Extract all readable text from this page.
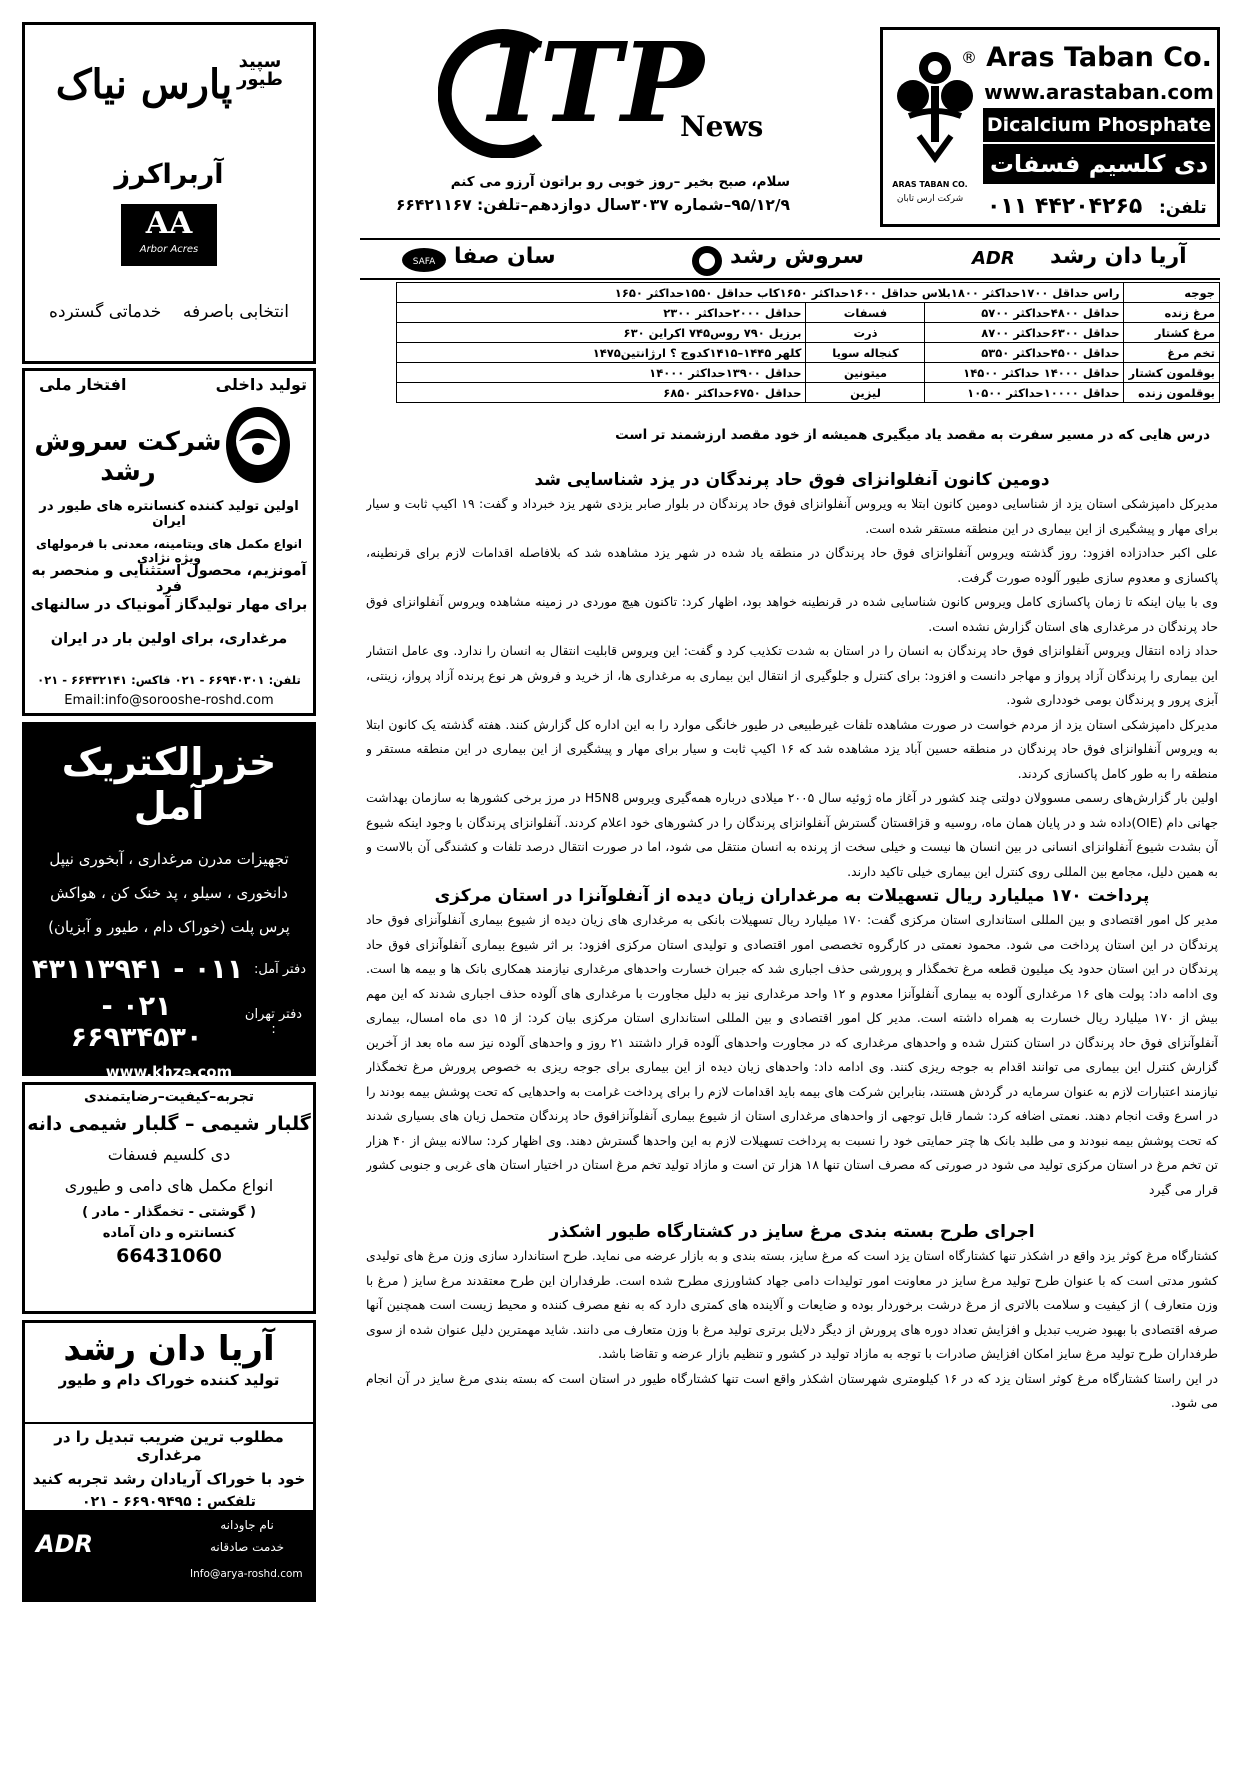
سپید طیور
پارس نیاک
آربراکرز
AA
Arbor Acres
انتخابی باصرفه    خدماتی گسترده
تولید داخلی
افتخار ملی
شرکت سروش رشد
اولین تولید کننده کنسانتره های طیور در ایران
انواع مکمل های ویتامینه، معدنی با فرمولهای ویژه نژادی
آمونزیم، محصول استثنایی و منحصر به فرد
برای مهار تولیدگاز آمونیاک در سالنهای
مرغداری، برای اولین بار در ایران
تلفن: ۶۶۹۴۰۳۰۱ - ۰۲۱ فاکس: ۶۶۴۳۲۱۴۱ - ۰۲۱
Email:info@sorooshe-roshd.com
خزرالکتریک آمل
تجهیزات مدرن مرغداری ، آبخوری نیپل
دانخوری ، سیلو ، پد خنک کن ، هواکش
پرس پلت (خوراک دام ، طیور و آبزیان)
دفتر آمل:
۰۱۱ - ۴۳۱۱۳۹۴۱
دفتر تهران :
۰۲۱ - ۶۶۹۳۴۵۳۰
www.khze.com
تجربه–کیفیت–رضایتمندی
گلبار شیمی – گلبار شیمی دانه
دی کلسیم فسفات
انواع مکمل های دامی و طیوری
( گوشتی - تخمگذار - مادر )
کنسانتره و دان آماده
66431060
آریا دان رشد
تولید کننده خوراک دام و طیور
مطلوب ترین ضریب تبدیل را در مرغداری
خود با خوراک آریادان رشد تجربه کنید
تلفکس : ۶۶۹۰۹۴۹۵ - ۰۲۱
ADR
نام جاودانه
خدمت صادقانه
Info@arya-roshd.com
ITP
News
سلام، صبح بخیر –روز خوبی رو براتون آرزو می کنم
۹۵/۱۲/۹–شماره ۳۰۳۷سال دوازدهم–تلفن: ۶۶۴۲۱۱۶۷
®
ARAS TABAN CO.
شرکت ارس تابان
Aras Taban Co.
www.arastaban.com
Dicalcium Phosphate
دی کلسیم فسفات
۰۱۱ ۴۴۲۰۴۲۶۵ تلفن:
SAFA سان صفا	سروش رشد	ADR آریا دان رشد
جوجه	راس حداقل ۱۷۰۰حداکثر ۱۸۰۰بلاس حداقل ۱۶۰۰حداکثر ۱۶۵۰کاب حداقل ۱۵۵۰حداکثر ۱۶۵۰		
مرغ زنده	حداقل ۴۸۰۰حداکثر ۵۷۰۰	فسفات	حداقل ۲۰۰۰حداکثر ۲۳۰۰
مرغ کشتار	حداقل ۶۳۰۰حداکثر ۸۷۰۰	ذرت	برزیل ۷۹۰ روس۷۴۵ اکراین ۶۳۰
تخم مرغ	حداقل ۴۵۰۰حداکثر ۵۳۵۰	کنجاله سویا	کلهر ۱۴۴۵–۱۴۱۵کدوج ؟ ارژانتین۱۴۷۵
بوقلمون کشتار	حداقل ۱۴۰۰۰ حداکثر ۱۴۵۰۰	میتونین	حداقل ۱۳۹۰۰حداکثر ۱۴۰۰۰
بوقلمون زنده	حداقل ۱۰۰۰۰حداکثر ۱۰۵۰۰	لیزین	حداقل ۶۷۵۰حداکثر ۶۸۵۰
درس هایی که در مسیر سفرت به مقصد یاد میگیری همیشه از خود مقصد ارزشمند تر است
دومین کانون آنفلوانزای فوق حاد پرندگان در یزد شناسایی شد

مدیرکل دامپزشکی استان یزد از شناسایی دومین کانون ابتلا به ویروس آنفلوانزای فوق حاد پرندگان در بلوار صابر یزدی شهر یزد خبرداد و گفت: ۱۹ اکیپ ثابت و سیار برای مهار و پیشگیری از این بیماری در این منطقه مستقر شده است.

علی اکبر حدادزاده افزود: روز گذشته ویروس آنفلوانزای فوق حاد پرندگان در منطقه یاد شده در شهر یزد مشاهده شد که بلافاصله اقدامات لازم برای قرنطینه، پاکسازی و معدوم سازی طیور آلوده صورت گرفت.

وی با بیان اینکه تا زمان پاکسازی کامل ویروس کانون شناسایی شده در قرنطینه خواهد بود، اظهار کرد: تاکنون هیچ موردی در زمینه مشاهده ویروس آنفلوانزای فوق حاد پرندگان در مرغداری های استان گزارش نشده است.

حداد زاده انتقال ویروس آنفلوانزای فوق حاد پرندگان به انسان را در استان به شدت تکذیب کرد و گفت: این ویروس قابلیت انتقال به انسان را ندارد. وی عامل انتشار این بیماری را پرندگان آزاد پرواز و مهاجر دانست و افزود: برای کنترل و جلوگیری از انتقال این بیماری به مرغداری ها، از خرید و فروش هر نوع پرنده آزاد پرواز، زینتی، آبزی پرور و پرندگان بومی خودداری شود.

مدیرکل دامپزشکی استان یزد از مردم خواست در صورت مشاهده تلفات غیرطبیعی در طیور خانگی موارد را به این اداره کل گزارش کنند. هفته گذشته یک کانون ابتلا به ویروس آنفلوانزای فوق حاد پرندگان در منطقه حسین آباد یزد مشاهده شد که ۱۶ اکیپ ثابت و سیار برای مهار و پیشگیری از این بیماری در این منطقه مستقر و منطقه را به طور کامل پاکسازی کردند.

اولین بار گزارش‌های رسمی مسوولان دولتی چند کشور در آغاز ماه ژوئیه سال ۲۰۰۵ میلادی درباره همه‌گیری ویروس H5N8 در مرز برخی کشورها به سازمان بهداشت جهانی دام (OIE)داده شد و در پایان همان ماه، روسیه و قزاقستان گسترش آنفلوانزای پرندگان را در کشورهای خود اعلام کردند. آنفلوانزای پرندگان با وجود اینکه شیوع آن بشدت شیوع آنفلوانزای انسانی در بین انسان ها نیست و خیلی سخت از پرنده به انسان منتقل می شود، اما در صورت انتقال درصد تلفات و کشندگی آن بالاست و به همین دلیل، مجامع بین المللی روی کنترل این بیماری خیلی تاکید دارند.

پرداخت ۱۷۰ میلیارد ریال تسهیلات به مرغداران زیان دیده از آنفلوآنزا در استان مرکزی

مدیر کل امور اقتصادی و بین المللی استانداری استان مرکزی گفت: ۱۷۰ میلیارد ریال تسهیلات بانکی به مرغداری های زیان دیده از شیوع بیماری آنفلوآنزای فوق حاد پرندگان در این استان پرداخت می شود. محمود نعمتی در کارگروه تخصصی امور اقتصادی و تولیدی استان مرکزی افزود: بر اثر شیوع بیماری آنفلوآنزای فوق حاد پرندگان در این استان حدود یک میلیون قطعه مرغ تخمگذار و پرورشی حذف اجباری شد که جبران خسارت واحدهای مرغداری نیازمند همکاری بانک ها و بیمه ها است. وی ادامه داد: پولت های ۱۶ مرغداری آلوده به بیماری آنفلوآنزا معدوم و ۱۲ واحد مرغداری نیز به دلیل مجاورت با مرغداری های آلوده حذف اجباری شدند که این مهم بیش از ۱۷۰ میلیارد ریال خسارت به همراه داشته است. مدیر کل امور اقتصادی و بین المللی استانداری استان مرکزی بیان کرد: از ۱۵ دی ماه امسال، بیماری آنفلوآنزای فوق حاد پرندگان در استان کنترل شده و واحدهای مرغداری که در مجاورت واحدهای آلوده قرار داشتند ۲۱ روز و واحدهای آلوده نیز سه ماه بعد از آخرین گزارش کنترل این بیماری می توانند اقدام به جوجه ریزی کنند. وی ادامه داد: واحدهای زیان دیده از این بیماری برای جوجه ریزی به خصوص پرورش مرغ تخمگذار نیازمند اعتبارات لازم به عنوان سرمایه در گردش هستند، بنابراین شرکت های بیمه باید اقدامات لازم را برای پرداخت غرامت به واحدهایی که تحت پوشش بیمه بودند را در اسرع وقت انجام دهند. نعمتی اضافه کرد: شمار قابل توجهی از واحدهای مرغداری استان از شیوع بیماری آنفلوآنزافوق حاد پرندگان متحمل زیان های بسیاری شدند که تحت پوشش بیمه نبودند و می طلبد بانک ها چتر حمایتی خود را نسبت به پرداخت تسهیلات لازم به این واحدها گسترش دهند. وی اظهار کرد: سالانه بیش از ۴۰ هزار تن تخم مرغ در استان مرکزی تولید می شود در صورتی که مصرف استان تنها ۱۸ هزار تن است و مازاد تولید تخم مرغ استان در اختیار استان های غربی و جنوبی کشور قرار می گیرد

اجرای طرح بسته بندی مرغ سایز در کشتارگاه طیور اشکذر

کشتارگاه مرغ کوثر یزد واقع در اشکذر تنها کشتارگاه استان یزد است که مرغ سایز، بسته بندی و به بازار عرضه می نماید. طرح استاندارد سازی وزن مرغ های تولیدی کشور مدتی است که با عنوان طرح تولید مرغ سایز در معاونت امور تولیدات دامی جهاد کشاورزی مطرح شده است. طرفداران این طرح معتقدند مرغ سایز ( مرغ با وزن متعارف ) از کیفیت و سلامت بالاتری از مرغ درشت برخوردار بوده و ضایعات و آلاینده های کمتری دارد که به نفع مصرف کننده و محیط زیست است همچنین آنها صرفه اقتصادی با بهبود ضریب تبدیل و افزایش تعداد دوره های پرورش از دیگر دلایل برتری تولید مرغ با وزن متعارف می دانند. شاید مهمترین دلیل عنوان شده از سوی طرفداران طرح تولید مرغ سایز امکان افزایش صادرات با توجه به مازاد تولید در کشور و تنظیم بازار عرضه و تقاضا باشد.

در این راستا کشتارگاه مرغ کوثر استان یزد که در ۱۶ کیلومتری شهرستان اشکذر واقع است تنها کشتارگاه طیور در استان است که بسته بندی مرغ سایز در آن انجام می شود.
